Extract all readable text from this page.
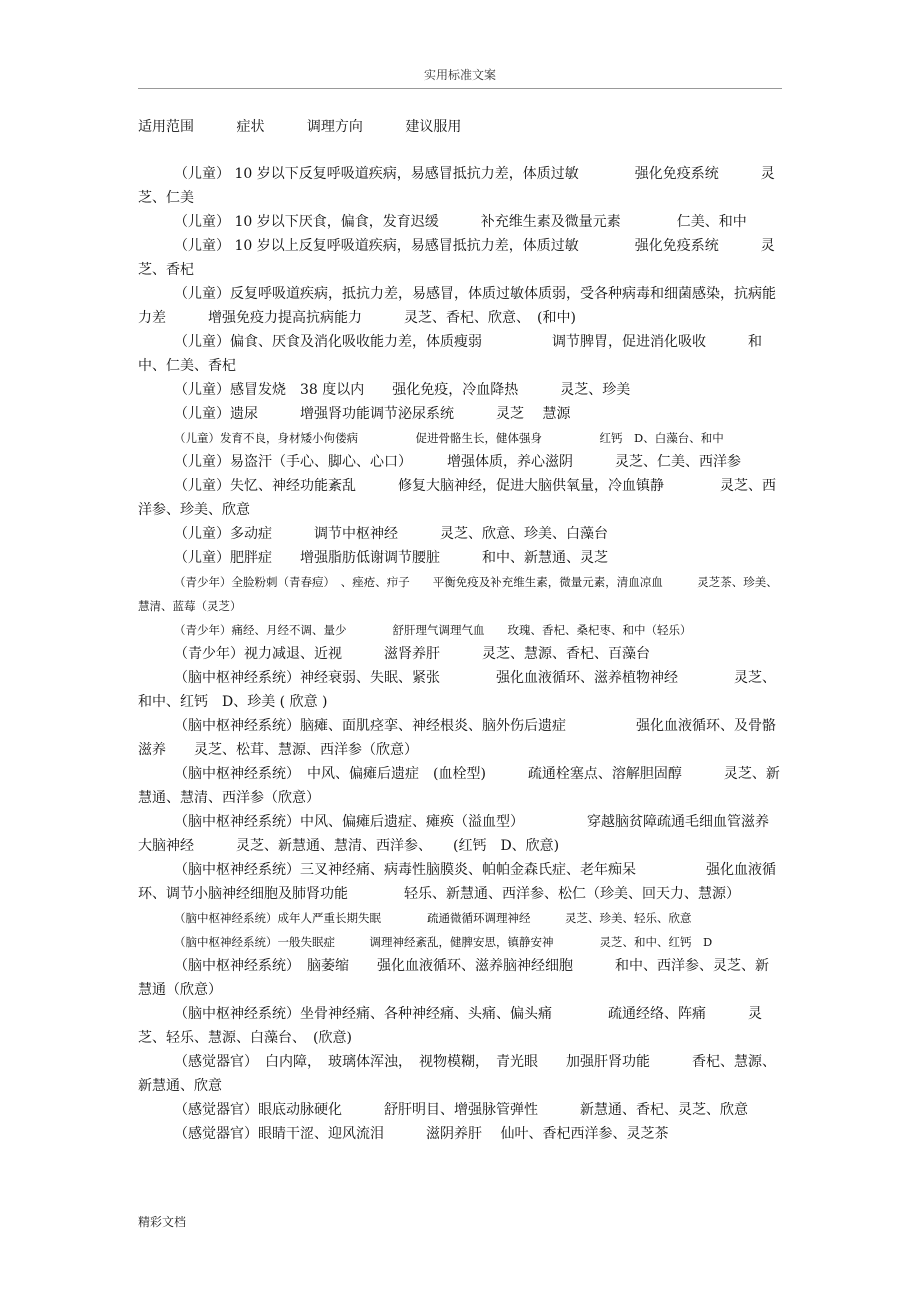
实用标准文案
适用范围	症状	调理方向	建议服用

（儿童） 10 岁以下反复呼吸道疾病，易感冒抵抗力差，体质过敏　　　　强化免疫系统　　　灵芝、仁美

（儿童） 10 岁以下厌食，偏食，发育迟缓　　　补充维生素及微量元素　　　　仁美、和中

（儿童） 10 岁以上反复呼吸道疾病，易感冒抵抗力差，体质过敏　　　　强化免疫系统　　　灵芝、香杞

（儿童）反复呼吸道疾病，抵抗力差，易感冒，体质过敏体质弱，受各种病毒和细菌感染，抗病能力差　　　增强免疫力提高抗病能力　　　灵芝、香杞、欣意、　(和中)

（儿童）偏食、厌食及消化吸收能力差，体质瘦弱　　　　　调节脾胃，促进消化吸收　　　和中、仁美、香杞

（儿童）感冒发烧　38 度以内　　强化免疫，冷血降热　　　灵芝、珍美

（儿童）遗尿　　　增强肾功能调节泌尿系统　　　灵芝　 慧源

（儿童）发育不良，身材矮小佝偻病　　　　　促进骨骼生长，健体强身　　　　　红钙　D、白藻台、和中

（儿童）易盗汗（手心、脚心、心口）　　　增强体质，养心滋阴　　　灵芝、仁美、西洋参

（儿童）失忆、神经功能紊乱　　　修复大脑神经，促进大脑供氧量，冷血镇静　　　　灵芝、西洋参、珍美、欣意

（儿童）多动症　　　调节中枢神经　　　灵芝、欣意、珍美、白藻台

（儿童）肥胖症　　增强脂肪低谢调节腰脏　　　和中、新慧通、灵芝

（青少年）全脸粉刺（青春痘）　、痤疮、疖子　　平衡免疫及补充维生素，微量元素，清血凉血　　　灵芝茶、珍美、慧清、蓝莓（灵芝）

（青少年）痛经、月经不调、量少　　　　舒肝理气调理气血　　玫瑰、香杞、桑杞枣、和中（轻乐）

（青少年）视力减退、近视　　　滋肾养肝　　　灵芝、慧源、香杞、百藻台

（脑中枢神经系统）神经衰弱、失眠、紧张　　　　强化血液循环、滋养植物神经　　　　灵芝、和中、红钙　D、珍美 ( 欣意 )

（脑中枢神经系统）脑瘫、面肌痉挛、神经根炎、脑外伤后遗症　　　　　强化血液循环、及骨骼滋养　　灵芝、松茸、慧源、西洋参（欣意）

（脑中枢神经系统）　中风、偏瘫后遗症　(血栓型)　　　疏通栓塞点、溶解胆固醇　　　灵芝、新慧通、慧清、西洋参（欣意）

（脑中枢神经系统）中风、偏瘫后遗症、瘫痪（溢血型）　　　　　穿越脑贫障疏通毛细血管滋养大脑神经　　　灵芝、新慧通、慧清、西洋参、　　(红钙　D、欣意)

（脑中枢神经系统）三叉神经痛、病毒性脑膜炎、帕帕金森氏症、老年痴呆　　　　　强化血液循环、调节小脑神经细胞及肺肾功能　　　　轻乐、新慧通、西洋参、松仁（珍美、回天力、慧源）

（脑中枢神经系统）成年人严重长期失眠　　　　疏通微循环调理神经　　　灵芝、珍美、轻乐、欣意

（脑中枢神经系统）一般失眠症　　　调理神经紊乱，健脾安思，镇静安神　　　　灵芝、和中、红钙　D

（脑中枢神经系统）　脑萎缩　　强化血液循环、滋养脑神经细胞　　　和中、西洋参、灵芝、新慧通（欣意）

（脑中枢神经系统）坐骨神经痛、各种神经痛、头痛、偏头痛　　　　疏通经络、阵痛　　　灵芝、轻乐、慧源、白藻台、　(欣意)

（感觉器官）　白内障，　玻璃体浑浊，　视物模糊，　青光眼　　加强肝肾功能　　　香杞、慧源、新慧通、欣意

（感觉器官）眼底动脉硬化　　　舒肝明目、增强脉管弹性　　　新慧通、香杞、灵芝、欣意

（感觉器官）眼睛干涩、迎风流泪　　　滋阴养肝　 仙叶、香杞西洋参、灵芝茶

精彩文档
